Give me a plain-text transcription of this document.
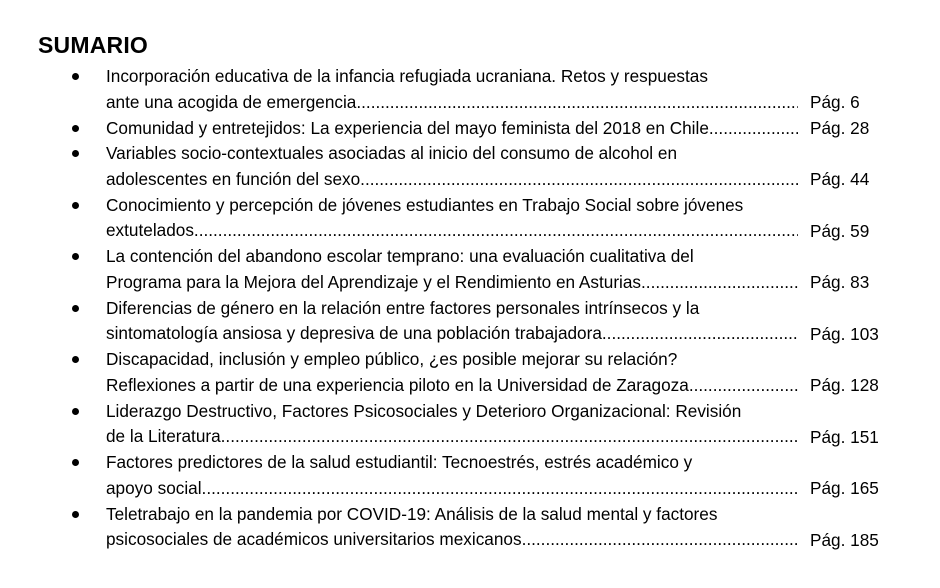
SUMARIO
Incorporación educativa de la infancia refugiada ucraniana. Retos y respuestas
ante una acogida de emergencia .....	Pág. 6
Comunidad y entretejidos: La experiencia del mayo feminista del 2018 en Chile .....	Pág. 28
Variables socio-contextuales asociadas al inicio del consumo de alcohol en
adolescentes en función del sexo .....	Pág. 44
Conocimiento y percepción de jóvenes estudiantes en Trabajo Social sobre jóvenes
extutelados .....	Pág. 59
La contención del abandono escolar temprano: una evaluación cualitativa del
Programa para la Mejora del Aprendizaje y el Rendimiento en Asturias .....	Pág. 83
Diferencias de género en la relación entre factores personales intrínsecos y la
sintomatología ansiosa y depresiva de una población trabajadora .....	Pág. 103
Discapacidad, inclusión y empleo público, ¿es posible mejorar su relación?
Reflexiones a partir de una experiencia piloto en la Universidad de Zaragoza .....	Pág. 128
Liderazgo Destructivo, Factores Psicosociales y Deterioro Organizacional: Revisión
de la Literatura .....	Pág. 151
Factores predictores de la salud estudiantil: Tecnoestrés, estrés académico y
apoyo social .....	Pág. 165
Teletrabajo en la pandemia por COVID-19: Análisis de la salud mental y factores
psicosociales de académicos universitarios mexicanos .....	Pág. 185
